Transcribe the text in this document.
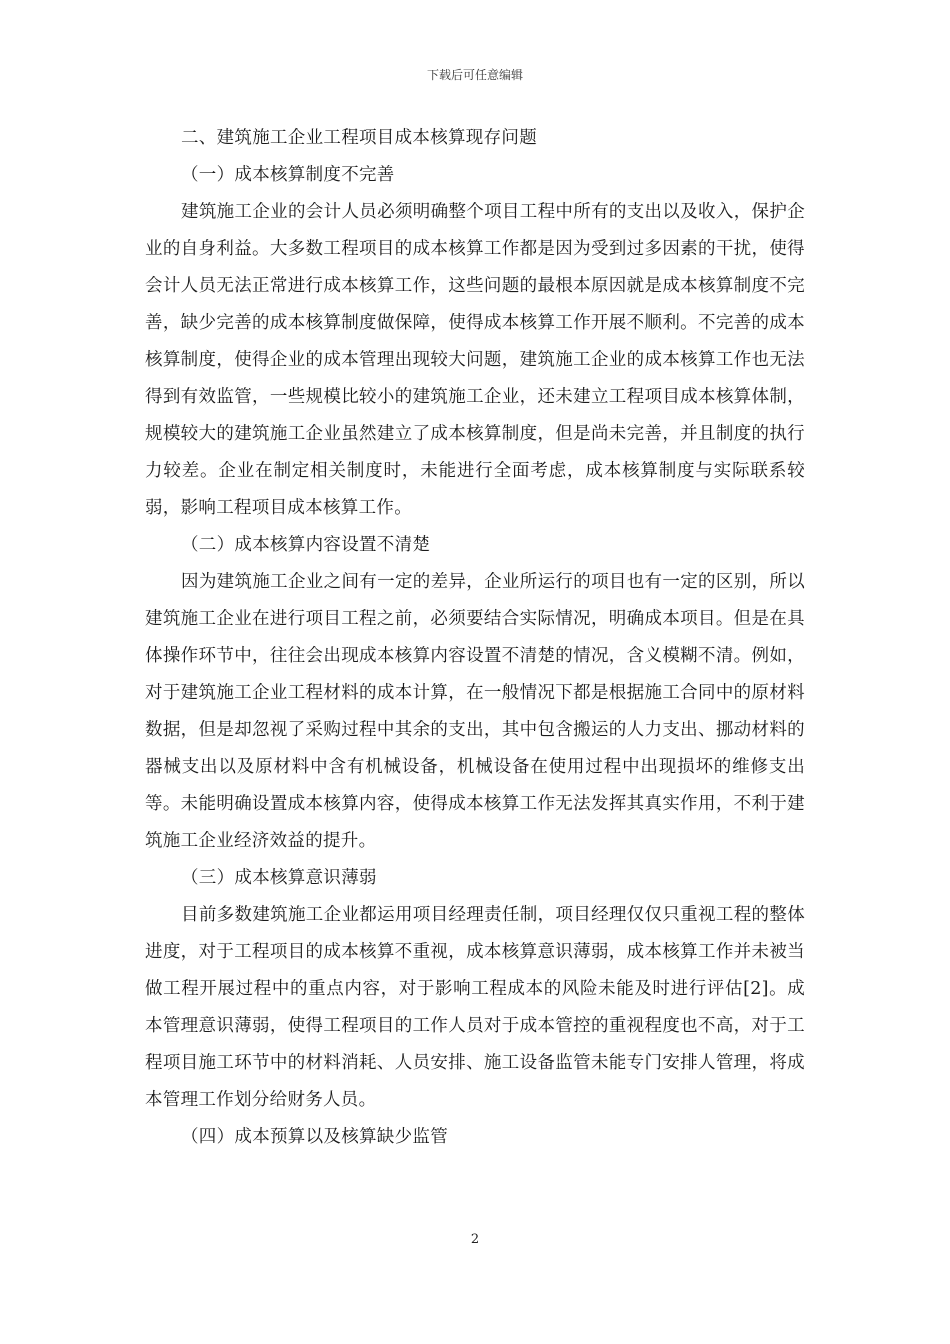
下载后可任意编辑

二、建筑施工企业工程项目成本核算现存问题

（一）成本核算制度不完善

建筑施工企业的会计人员必须明确整个项目工程中所有的支出以及收入，保护企业的自身利益。大多数工程项目的成本核算工作都是因为受到过多因素的干扰，使得会计人员无法正常进行成本核算工作，这些问题的最根本原因就是成本核算制度不完善，缺少完善的成本核算制度做保障，使得成本核算工作开展不顺利。不完善的成本核算制度，使得企业的成本管理出现较大问题，建筑施工企业的成本核算工作也无法得到有效监管，一些规模比较小的建筑施工企业，还未建立工程项目成本核算体制，规模较大的建筑施工企业虽然建立了成本核算制度，但是尚未完善，并且制度的执行力较差。企业在制定相关制度时，未能进行全面考虑，成本核算制度与实际联系较弱，影响工程项目成本核算工作。

（二）成本核算内容设置不清楚

因为建筑施工企业之间有一定的差异，企业所运行的项目也有一定的区别，所以建筑施工企业在进行项目工程之前，必须要结合实际情况，明确成本项目。但是在具体操作环节中，往往会出现成本核算内容设置不清楚的情况，含义模糊不清。例如，对于建筑施工企业工程材料的成本计算，在一般情况下都是根据施工合同中的原材料数据，但是却忽视了采购过程中其余的支出，其中包含搬运的人力支出、挪动材料的器械支出以及原材料中含有机械设备，机械设备在使用过程中出现损坏的维修支出等。未能明确设置成本核算内容，使得成本核算工作无法发挥其真实作用，不利于建筑施工企业经济效益的提升。

（三）成本核算意识薄弱

目前多数建筑施工企业都运用项目经理责任制，项目经理仅仅只重视工程的整体进度，对于工程项目的成本核算不重视，成本核算意识薄弱，成本核算工作并未被当做工程开展过程中的重点内容，对于影响工程成本的风险未能及时进行评估[2]。成本管理意识薄弱，使得工程项目的工作人员对于成本管控的重视程度也不高，对于工程项目施工环节中的材料消耗、人员安排、施工设备监管未能专门安排人管理，将成本管理工作划分给财务人员。

（四）成本预算以及核算缺少监管

2
